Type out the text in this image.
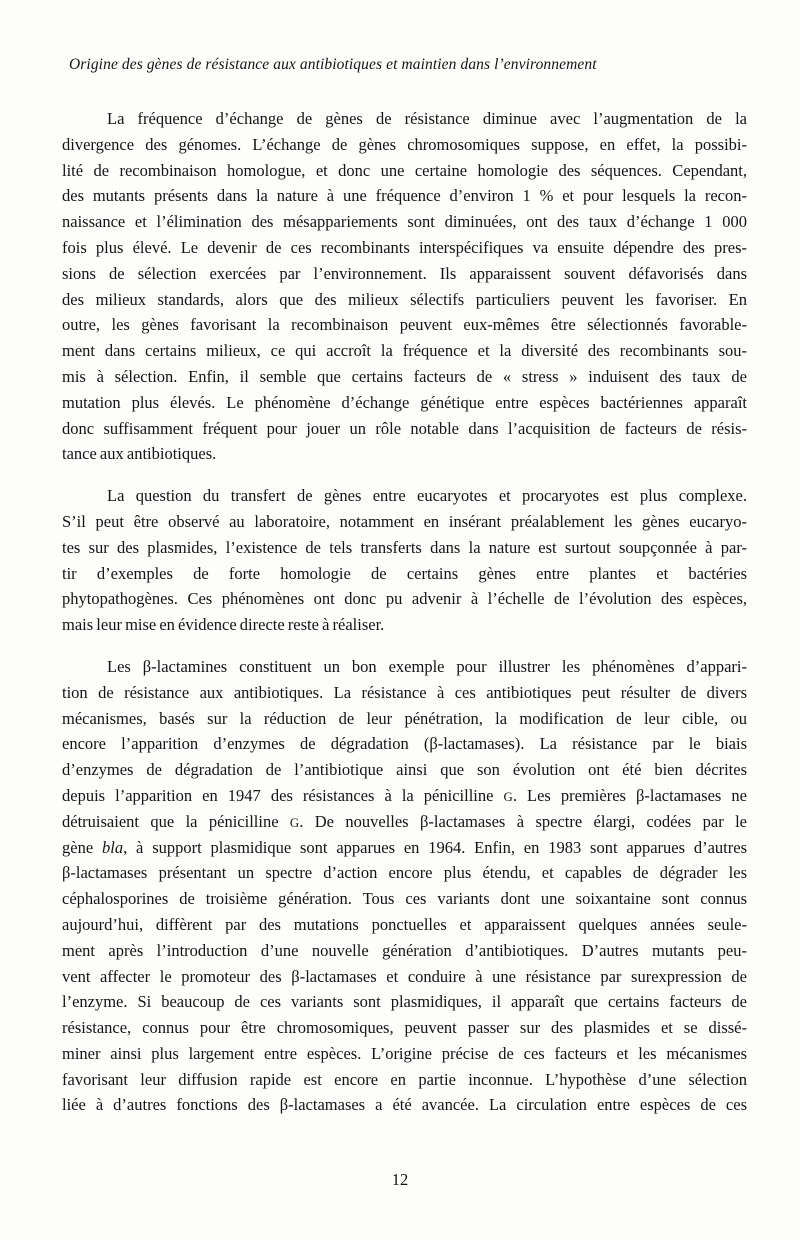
Origine des gènes de résistance aux antibiotiques et maintien dans l’environnement
La fréquence d’échange de gènes de résistance diminue avec l’augmentation de la
divergence des génomes. L’échange de gènes chromosomiques suppose, en effet, la possibi-
lité de recombinaison homologue, et donc une certaine homologie des séquences. Cependant,
des mutants présents dans la nature à une fréquence d’environ 1 % et pour lesquels la recon-
naissance et l’élimination des mésappariements sont diminuées, ont des taux d’échange 1 000
fois plus élevé. Le devenir de ces recombinants interspécifiques va ensuite dépendre des pres-
sions de sélection exercées par l’environnement. Ils apparaissent souvent défavorisés dans
des milieux standards, alors que des milieux sélectifs particuliers peuvent les favoriser. En
outre, les gènes favorisant la recombinaison peuvent eux-mêmes être sélectionnés favorable-
ment dans certains milieux, ce qui accroît la fréquence et la diversité des recombinants sou-
mis à sélection. Enfin, il semble que certains facteurs de « stress » induisent des taux de
mutation plus élevés. Le phénomène d’échange génétique entre espèces bactériennes apparaît
donc suffisamment fréquent pour jouer un rôle notable dans l’acquisition de facteurs de résis-
tance aux antibiotiques.
La question du transfert de gènes entre eucaryotes et procaryotes est plus complexe.
S’il peut être observé au laboratoire, notamment en insérant préalablement les gènes eucaryo-
tes sur des plasmides, l’existence de tels transferts dans la nature est surtout soupçonnée à par-
tir d’exemples de forte homologie de certains gènes entre plantes et bactéries
phytopathogènes. Ces phénomènes ont donc pu advenir à l’échelle de l’évolution des espèces,
mais leur mise en évidence directe reste à réaliser.
Les β-lactamines constituent un bon exemple pour illustrer les phénomènes d’appari-
tion de résistance aux antibiotiques. La résistance à ces antibiotiques peut résulter de divers
mécanismes, basés sur la réduction de leur pénétration, la modification de leur cible, ou
encore l’apparition d’enzymes de dégradation (β-lactamases). La résistance par le biais
d’enzymes de dégradation de l’antibiotique ainsi que son évolution ont été bien décrites
depuis l’apparition en 1947 des résistances à la pénicilline G. Les premières β-lactamases ne
détruisaient que la pénicilline G. De nouvelles β-lactamases à spectre élargi, codées par le
gène bla, à support plasmidique sont apparues en 1964. Enfin, en 1983 sont apparues d’autres
β-lactamases présentant un spectre d’action encore plus étendu, et capables de dégrader les
céphalosporines de troisième génération. Tous ces variants dont une soixantaine sont connus
aujourd’hui, diffèrent par des mutations ponctuelles et apparaissent quelques années seule-
ment après l’introduction d’une nouvelle génération d’antibiotiques. D’autres mutants peu-
vent affecter le promoteur des β-lactamases et conduire à une résistance par surexpression de
l’enzyme. Si beaucoup de ces variants sont plasmidiques, il apparaît que certains facteurs de
résistance, connus pour être chromosomiques, peuvent passer sur des plasmides et se dissé-
miner ainsi plus largement entre espèces. L’origine précise de ces facteurs et les mécanismes
favorisant leur diffusion rapide est encore en partie inconnue. L’hypothèse d’une sélection
liée à d’autres fonctions des β-lactamases a été avancée. La circulation entre espèces de ces
12
